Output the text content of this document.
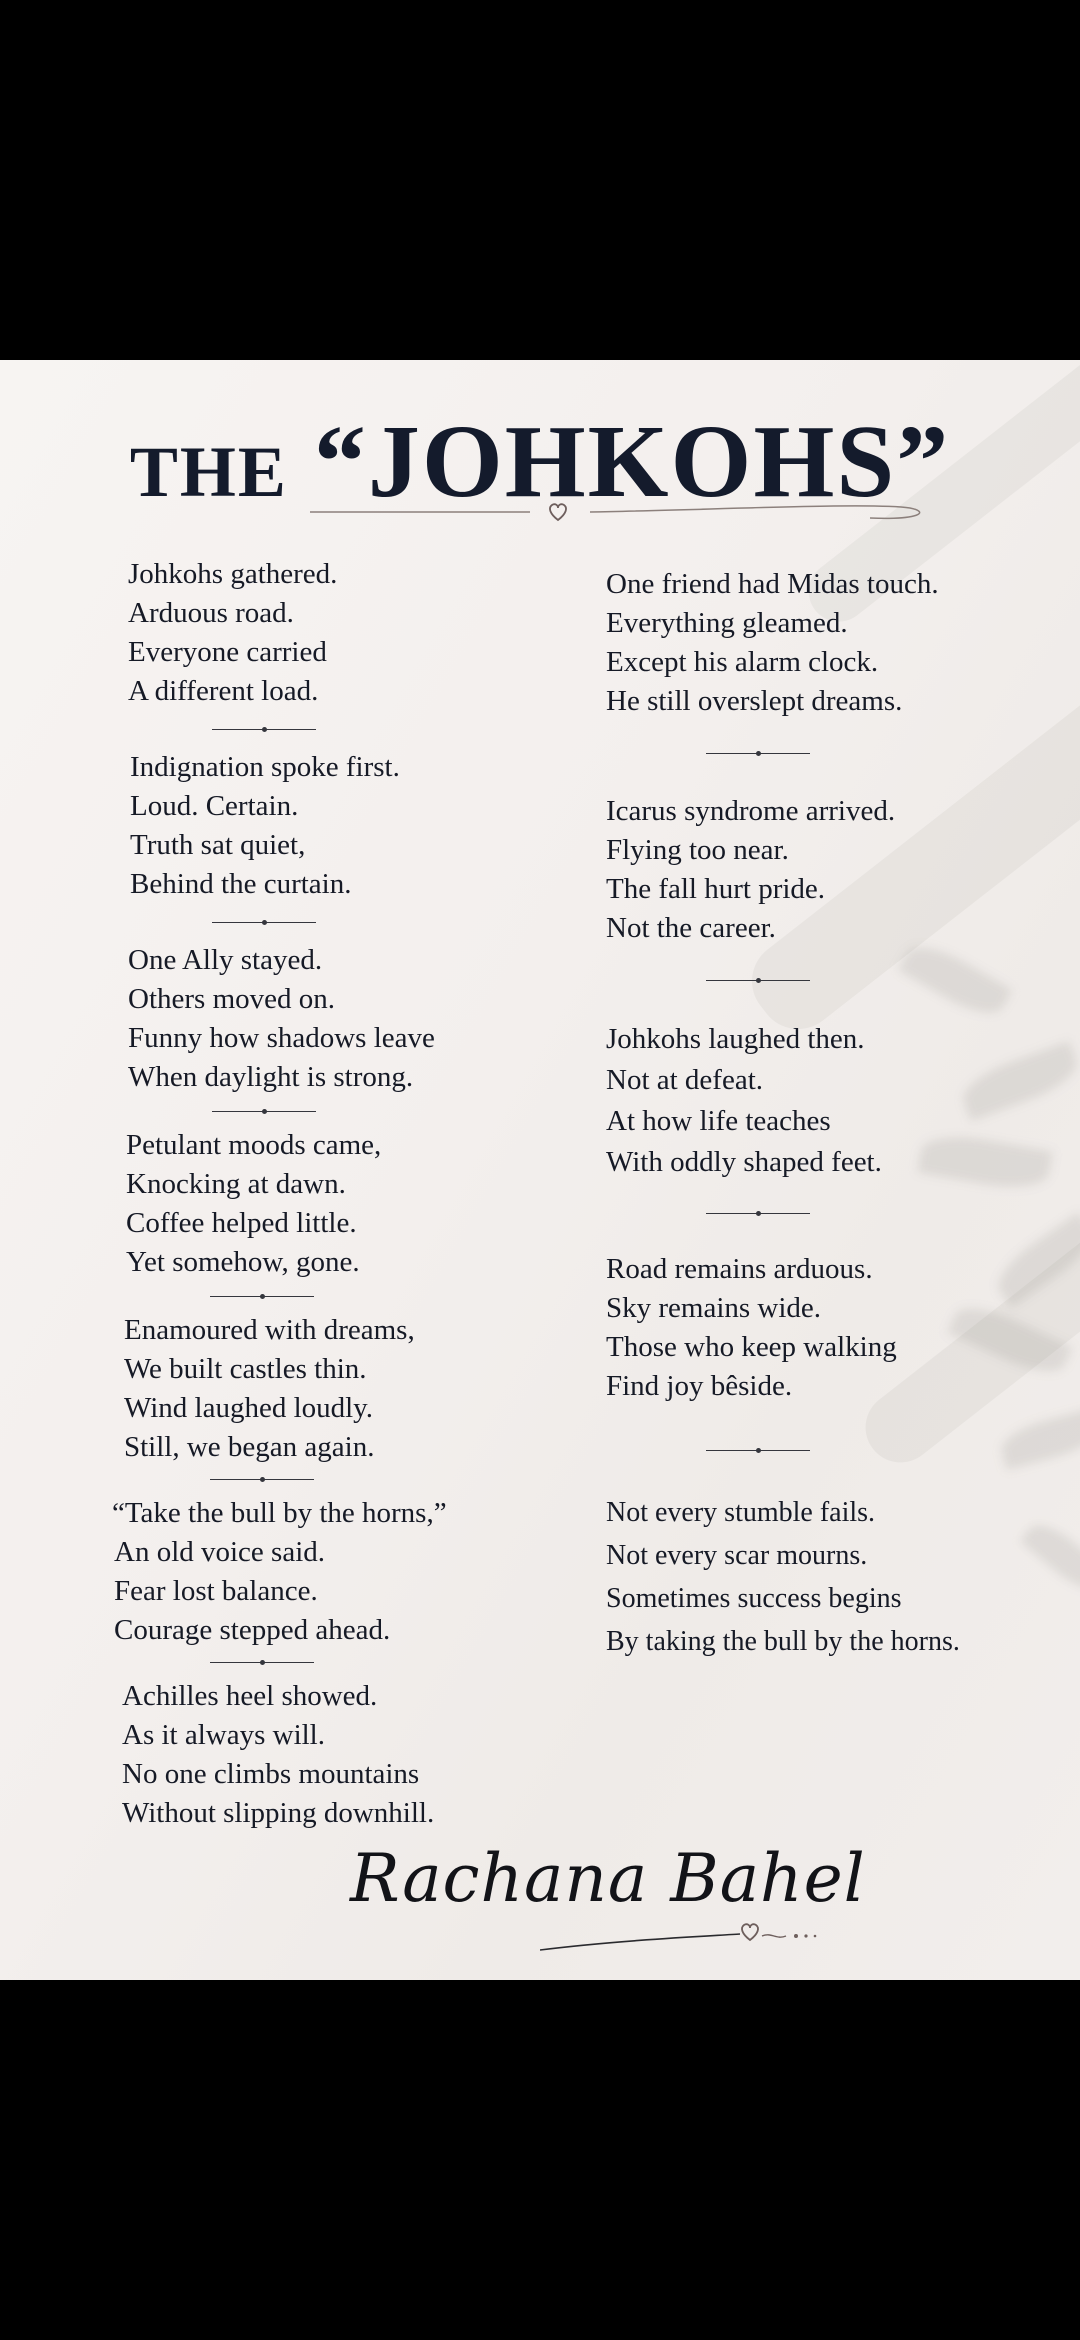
THE “JOHKOHS”
Johkohs gathered.
Arduous road.
Everyone carried
A different load.
Indignation spoke first.
Loud. Certain.
Truth sat quiet,
Behind the curtain.
One Ally stayed.
Others moved on.
Funny how shadows leave
When daylight is strong.
Petulant moods came,
Knocking at dawn.
Coffee helped little.
Yet somehow, gone.
Enamoured with dreams,
We built castles thin.
Wind laughed loudly.
Still, we began again.
“Take the bull by the horns,”
An old voice said.
Fear lost balance.
Courage stepped ahead.
Achilles heel showed.
As it always will.
No one climbs mountains
Without slipping downhill.
One friend had Midas touch.
Everything gleamed.
Except his alarm clock.
He still overslept dreams.
Icarus syndrome arrived.
Flying too near.
The fall hurt pride.
Not the career.
Johkohs laughed then.
Not at defeat.
At how life teaches
With oddly shaped feet.
Road remains arduous.
Sky remains wide.
Those who keep walking
Find joy bêside.
Not every stumble fails.
Not every scar mourns.
Sometimes success begins
By taking the bull by the horns.
Rachana Bahel
